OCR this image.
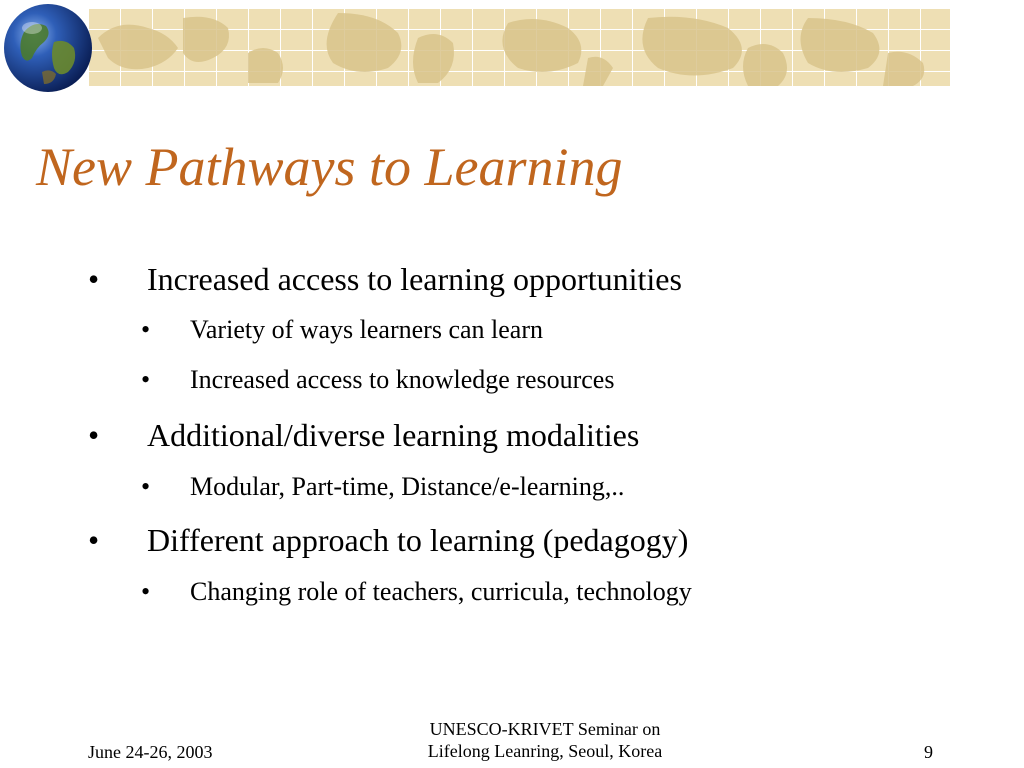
New Pathways to Learning
• Increased access to learning opportunities
• Variety of ways learners can learn
• Increased access to knowledge resources
• Additional/diverse learning modalities
• Modular, Part-time, Distance/e-learning,..
• Different approach to learning (pedagogy)
• Changing role of teachers, curricula, technology
June 24-26, 2003
UNESCO-KRIVET Seminar on
Lifelong Leanring, Seoul, Korea	9
